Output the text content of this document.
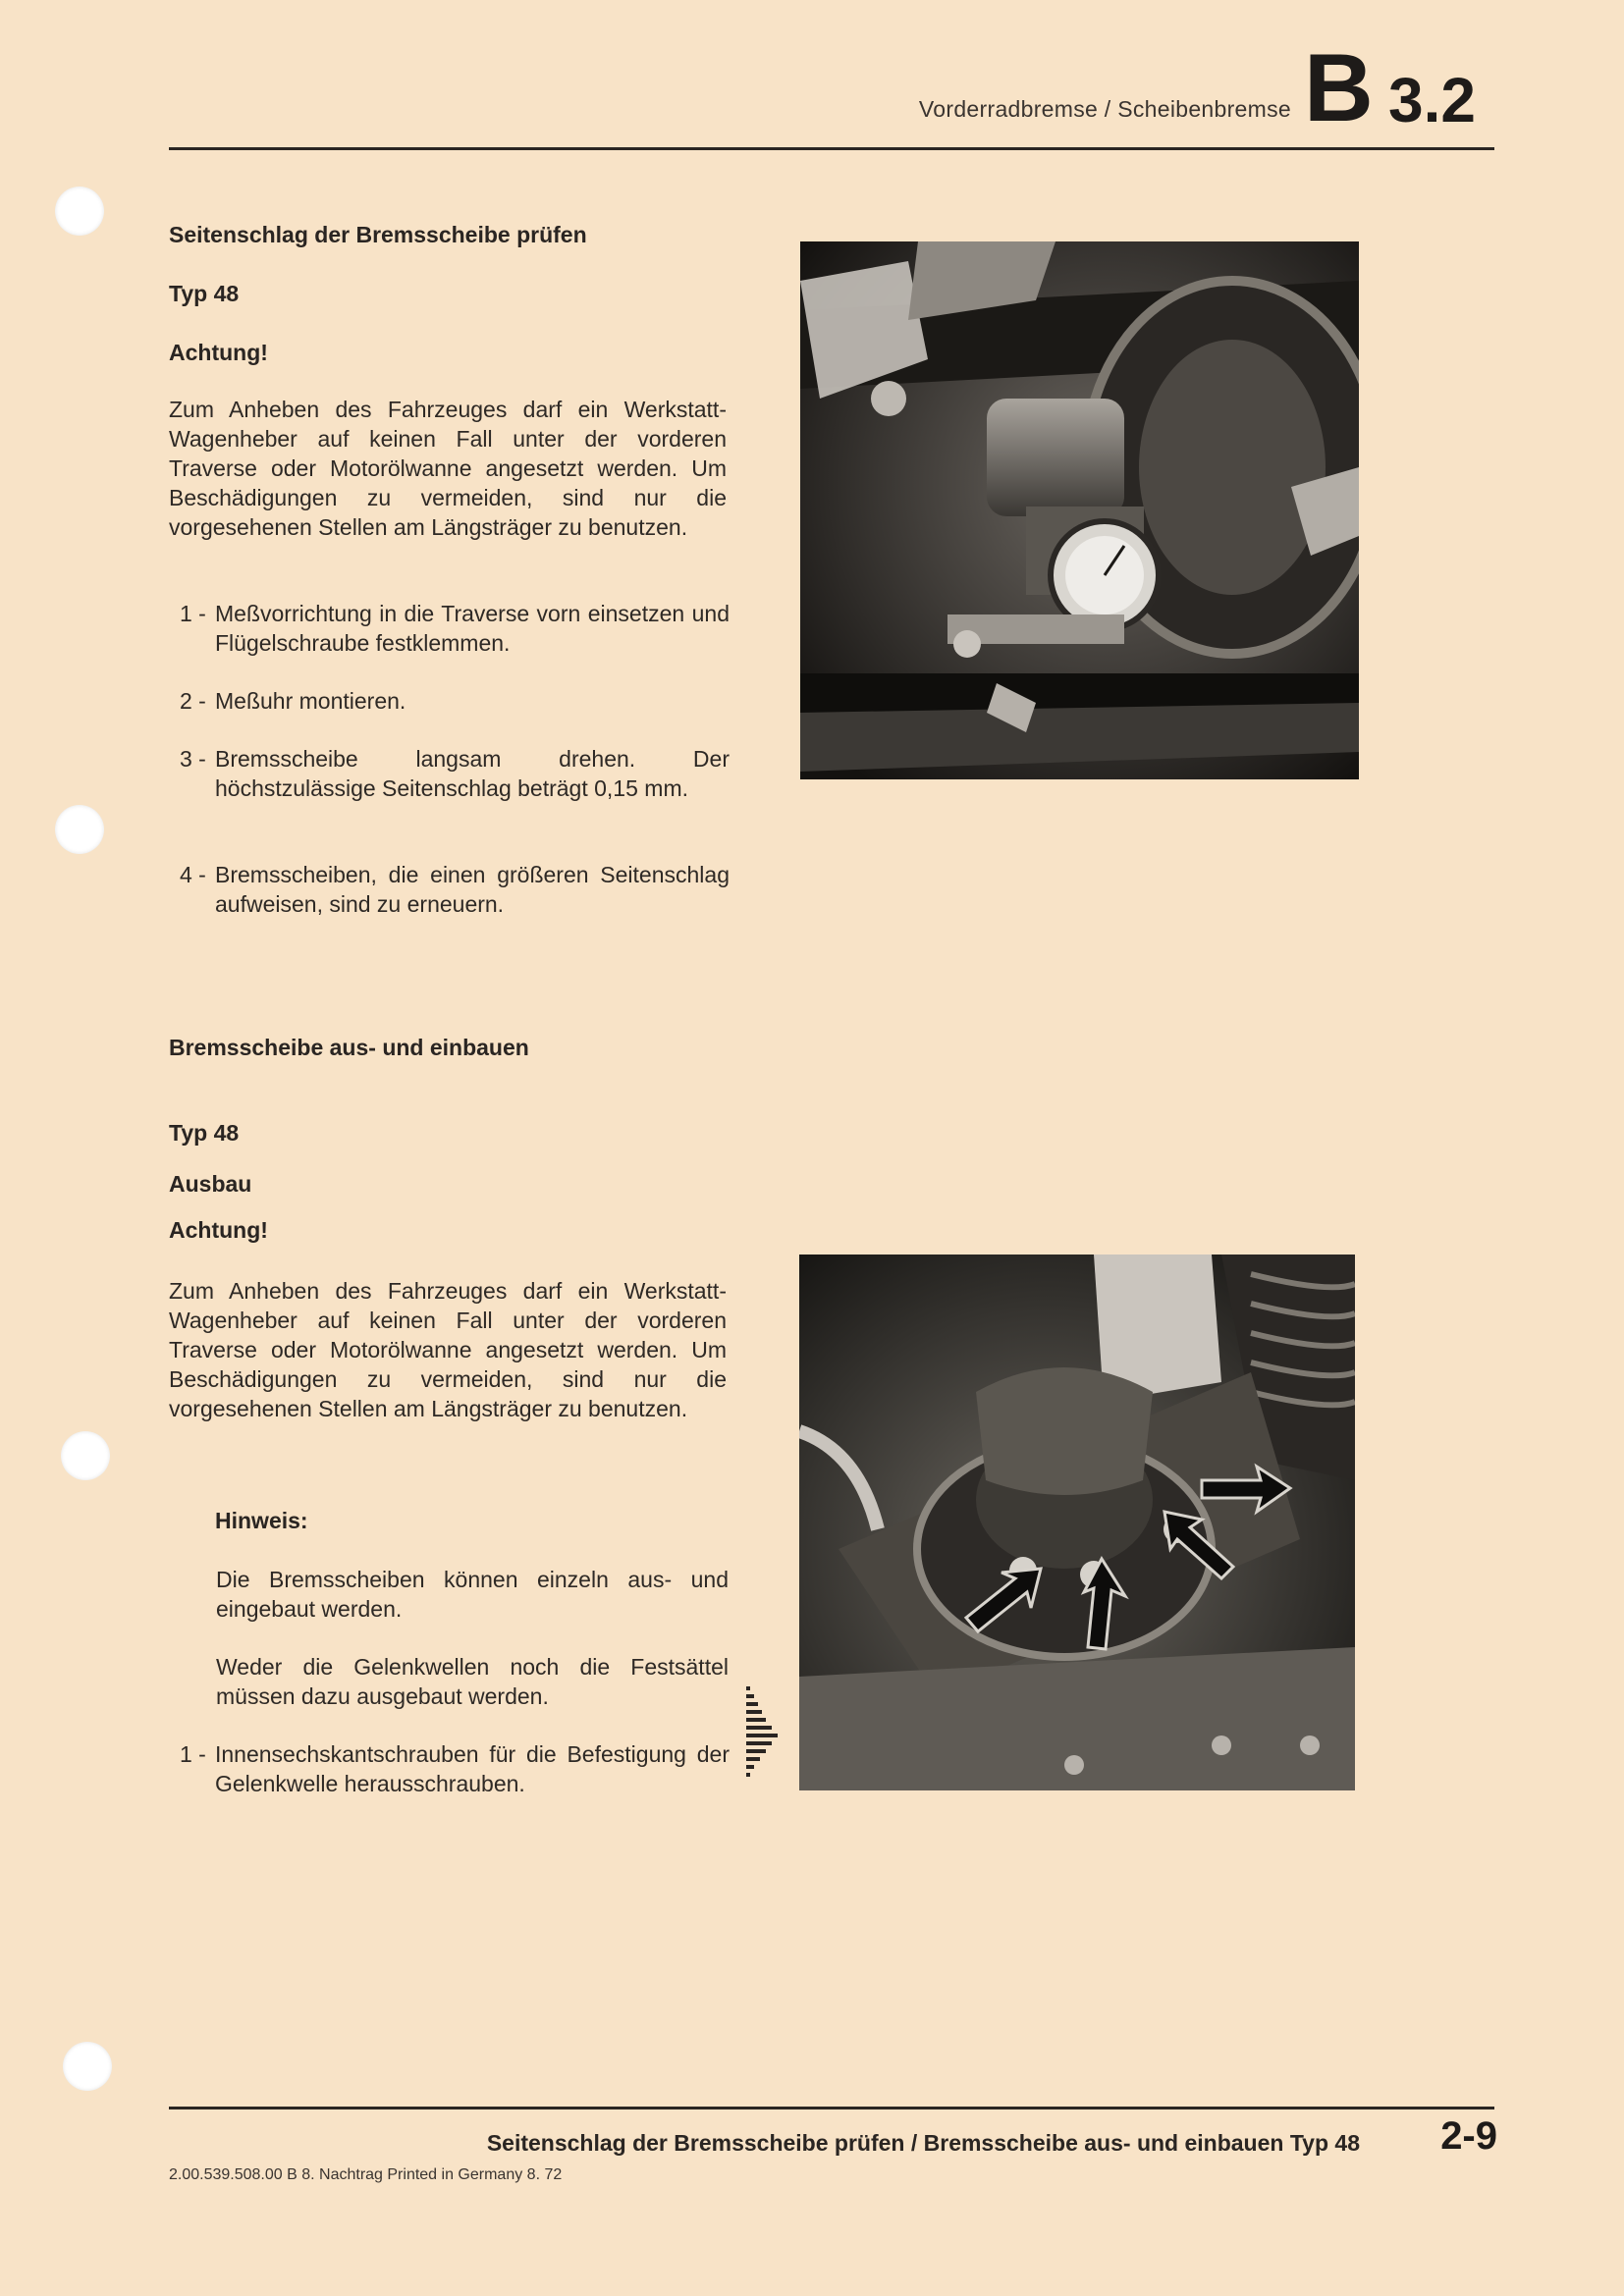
Vorderradbremse / Scheibenbremse B 3.2
Seitenschlag der Bremsscheibe prüfen
Typ 48
Achtung!
Zum Anheben des Fahrzeuges darf ein Werkstatt-Wagenheber auf keinen Fall unter der vorderen Traverse oder Motorölwanne angesetzt werden. Um Beschädigungen zu vermeiden, sind nur die vorgesehenen Stellen am Längsträger zu benutzen.
1 - Meßvorrichtung in die Traverse vorn einsetzen und Flügelschraube festklemmen.
2 - Meßuhr montieren.
3 - Bremsscheibe langsam drehen. Der höchstzulässige Seitenschlag beträgt 0,15 mm.
4 - Bremsscheiben, die einen größeren Seitenschlag aufweisen, sind zu erneuern.
Bremsscheibe aus- und einbauen
Typ 48
Ausbau
Achtung!
Zum Anheben des Fahrzeuges darf ein Werkstatt-Wagenheber auf keinen Fall unter der vorderen Traverse oder Motorölwanne angesetzt werden. Um Beschädigungen zu vermeiden, sind nur die vorgesehenen Stellen am Längsträger zu benutzen.
Hinweis:
Die Bremsscheiben können einzeln aus- und eingebaut werden.
Weder die Gelenkwellen noch die Festsättel müssen dazu ausgebaut werden.
1 - Innensechskantschrauben für die Befestigung der Gelenkwelle herausschrauben.
Seitenschlag der Bremsscheibe prüfen / Bremsscheibe aus- und einbauen Typ 48	2-9
2.00.539.508.00 B 8. Nachtrag Printed in Germany 8. 72
